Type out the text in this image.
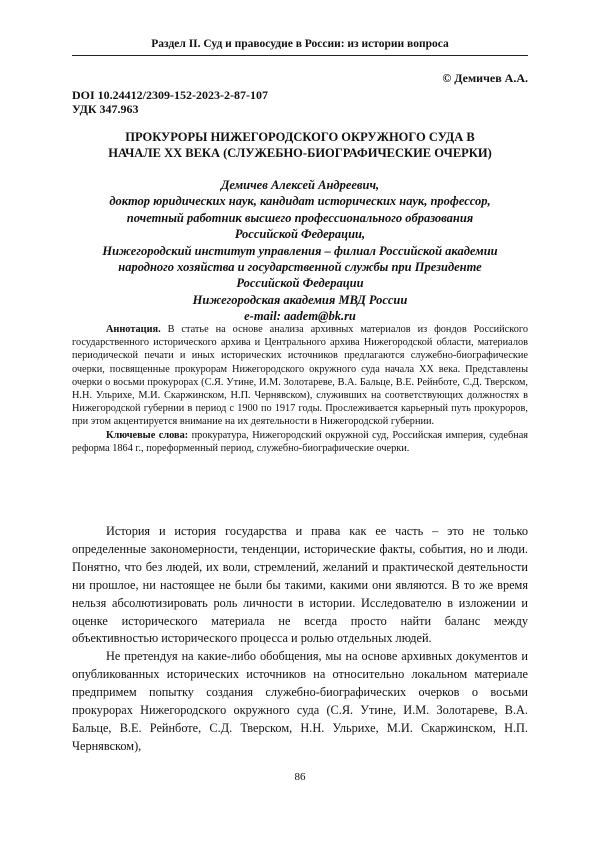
Раздел II. Суд и правосудие в России: из истории вопроса
© Демичев А.А.
DOI 10.24412/2309-152-2023-2-87-107
УДК 347.963
ПРОКУРОРЫ НИЖЕГОРОДСКОГО ОКРУЖНОГО СУДА В
НАЧАЛЕ XX ВЕКА (СЛУЖЕБНО-БИОГРАФИЧЕСКИЕ ОЧЕРКИ)
Демичев Алексей Андреевич,
доктор юридических наук, кандидат исторических наук, профессор,
почетный работник высшего профессионального образования
Российской Федерации,
Нижегородский институт управления – филиал Российской академии
народного хозяйства и государственной службы при Президенте
Российской Федерации
Нижегородская академия МВД России
e-mail: aadem@bk.ru

Аннотация. В статье на основе анализа архивных материалов из фондов Российского государственного исторического архива и Центрального архива Нижегородской области, материалов периодической печати и иных исторических источников предлагаются служебно-биографические очерки, посвященные прокурорам Нижегородского окружного суда начала XX века. Представлены очерки о восьми прокурорах (С.Я. Утине, И.М. Золотареве, В.А. Бальце, В.Е. Рейнботе, С.Д. Тверском, Н.Н. Ульрихе, М.И. Скаржинском, Н.П. Чернявском), служивших на соответствующих должностях в Нижегородской губернии в период с 1900 по 1917 годы. Прослеживается карьерный путь прокуроров, при этом акцентируется внимание на их деятельности в Нижегородской губернии.

Ключевые слова: прокуратура, Нижегородский окружной суд, Российская империя, судебная реформа 1864 г., пореформенный период, служебно-биографические очерки.

История и история государства и права как ее часть – это не только определенные закономерности, тенденции, исторические факты, события, но и люди. Понятно, что без людей, их воли, стремлений, желаний и практической деятельности ни прошлое, ни настоящее не были бы такими, какими они являются. В то же время нельзя абсолютизировать роль личности в истории. Исследователю в изложении и оценке исторического материала не всегда просто найти баланс между объективностью исторического процесса и ролью отдельных людей.

Не претендуя на какие-либо обобщения, мы на основе архивных документов и опубликованных исторических источников на относительно локальном материале предпримем попытку создания служебно-биографических очерков о восьми прокурорах Нижегородского окружного суда (С.Я. Утине, И.М. Золотареве, В.А. Бальце, В.Е. Рейнботе, С.Д. Тверском, Н.Н. Ульрихе, М.И. Скаржинском, Н.П. Чернявском),

86
